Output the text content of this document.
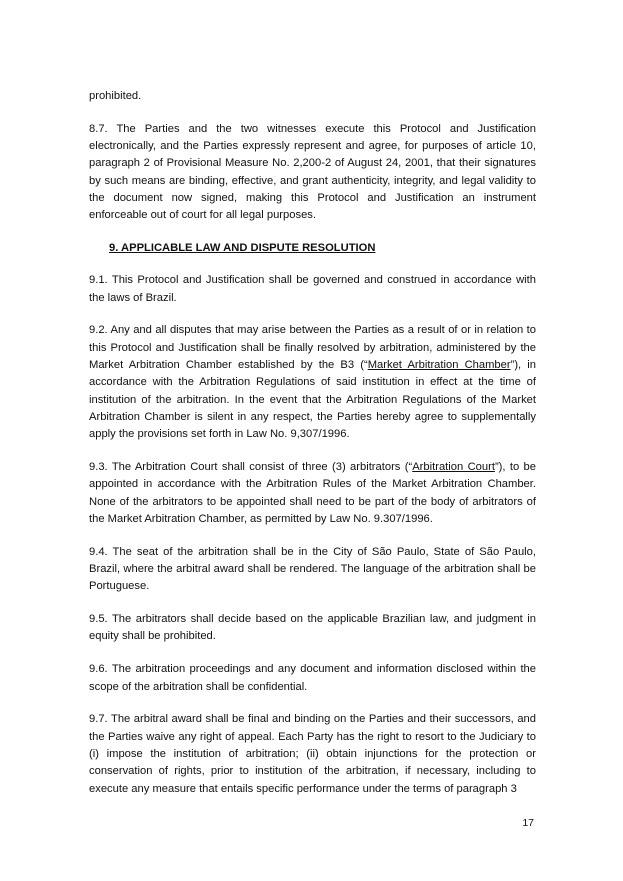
prohibited.

8.7. The Parties and the two witnesses execute this Protocol and Justification electronically, and the Parties expressly represent and agree, for purposes of article 10, paragraph 2 of Provisional Measure No. 2,200-2 of August 24, 2001, that their signatures by such means are binding, effective, and grant authenticity, integrity, and legal validity to the document now signed, making this Protocol and Justification an instrument enforceable out of court for all legal purposes.

9. APPLICABLE LAW AND DISPUTE RESOLUTION

9.1. This Protocol and Justification shall be governed and construed in accordance with the laws of Brazil.

9.2. Any and all disputes that may arise between the Parties as a result of or in relation to this Protocol and Justification shall be finally resolved by arbitration, administered by the Market Arbitration Chamber established by the B3 (“Market Arbitration Chamber”), in accordance with the Arbitration Regulations of said institution in effect at the time of institution of the arbitration. In the event that the Arbitration Regulations of the Market Arbitration Chamber is silent in any respect, the Parties hereby agree to supplementally apply the provisions set forth in Law No. 9,307/1996.

9.3. The Arbitration Court shall consist of three (3) arbitrators (“Arbitration Court”), to be appointed in accordance with the Arbitration Rules of the Market Arbitration Chamber. None of the arbitrators to be appointed shall need to be part of the body of arbitrators of the Market Arbitration Chamber, as permitted by Law No. 9.307/1996.

9.4. The seat of the arbitration shall be in the City of São Paulo, State of São Paulo, Brazil, where the arbitral award shall be rendered. The language of the arbitration shall be Portuguese.

9.5. The arbitrators shall decide based on the applicable Brazilian law, and judgment in equity shall be prohibited.

9.6. The arbitration proceedings and any document and information disclosed within the scope of the arbitration shall be confidential.

9.7. The arbitral award shall be final and binding on the Parties and their successors, and the Parties waive any right of appeal. Each Party has the right to resort to the Judiciary to (i) impose the institution of arbitration; (ii) obtain injunctions for the protection or conservation of rights, prior to institution of the arbitration, if necessary, including to execute any measure that entails specific performance under the terms of paragraph 3

17
